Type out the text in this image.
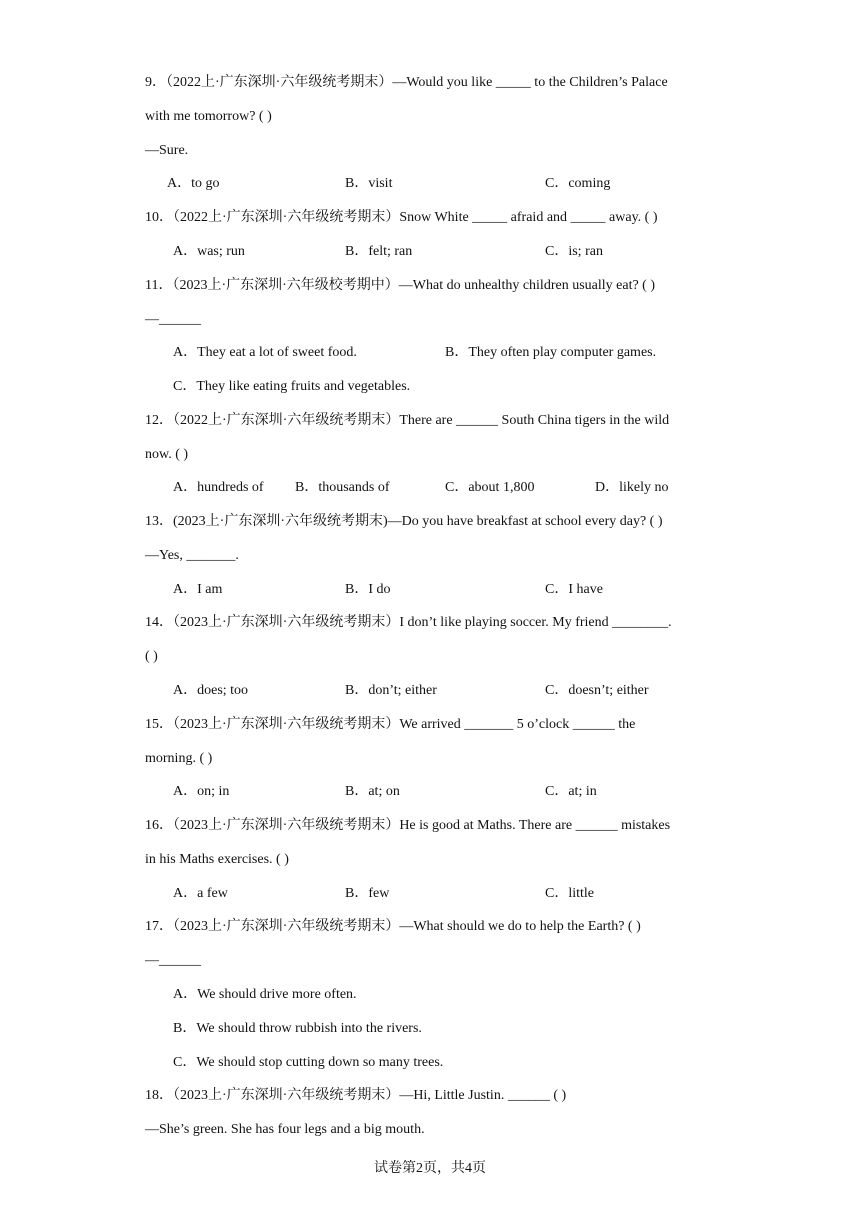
9．（2022上·广东深圳·六年级统考期末）—Would you like _____ to the Children’s Palace
with me tomorrow? ( )
—Sure.
A．to go	B．visit	C．coming
10．（2022上·广东深圳·六年级统考期末）Snow White _____ afraid and _____ away. ( )
A．was; run	B．felt; ran	C．is; ran
11．（2023上·广东深圳·六年级校考期中）—What do unhealthy children usually eat? ( )
—______
A．They eat a lot of sweet food.	B．They often play computer games.
C．They like eating fruits and vegetables.
12．（2022上·广东深圳·六年级统考期末）There are ______ South China tigers in the wild
now. ( )
A．hundreds of B．thousands of	C．about 1,800	D．likely no
13．(2023上·广东深圳·六年级统考期末)—Do you have breakfast at school every day? ( )
—Yes, _______.
A．I am	B．I do	C．I have
14．（2023上·广东深圳·六年级统考期末）I don’t like playing soccer. My friend ________.
( )
A．does; too	B．don’t; either	C．doesn’t; either
15．（2023上·广东深圳·六年级统考期末）We arrived _______ 5 o’clock ______ the
morning. ( )
A．on; in	B．at; on	C．at; in
16．（2023上·广东深圳·六年级统考期末）He is good at Maths. There are ______ mistakes
in his Maths exercises. ( )
A．a few	B．few	C．little
17．（2023上·广东深圳·六年级统考期末）—What should we do to help the Earth? ( )
—______
A．We should drive more often.
B．We should throw rubbish into the rivers.
C．We should stop cutting down so many trees.
18．（2023上·广东深圳·六年级统考期末）—Hi, Little Justin. ______ ( )
—She’s green. She has four legs and a big mouth.
试卷第2页，共4页
